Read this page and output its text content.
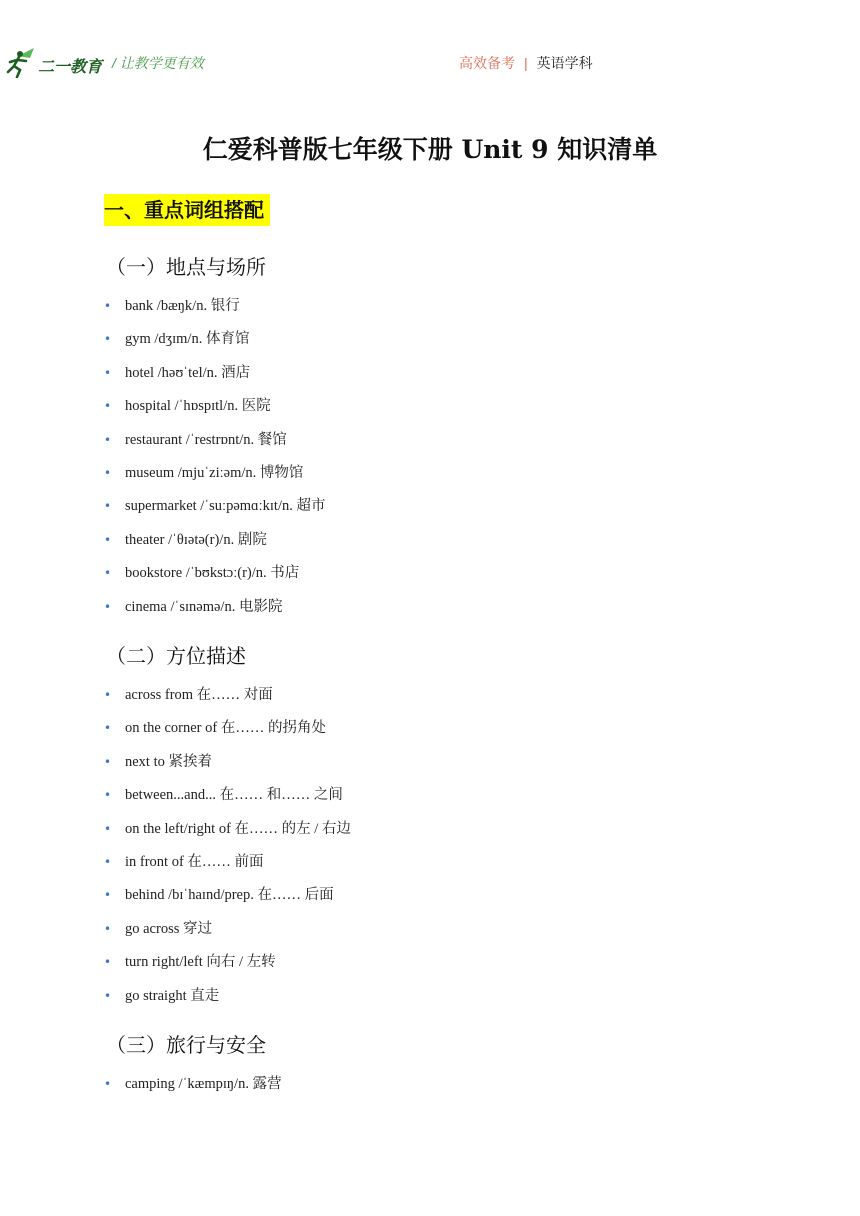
二一教育 / 让教学更有效	高效备考 | 英语学科
仁爱科普版七年级下册 Unit 9 知识清单
一、重点词组搭配
（一）地点与场所
• bank /bæŋk/n. 银行
• gym /dʒɪm/n. 体育馆
• hotel /həʊˈtel/n. 酒店
• hospital /ˈhɒspɪtl/n. 医院
• restaurant /ˈrestrɒnt/n. 餐馆
• museum /mjuˈziːəm/n. 博物馆
• supermarket /ˈsuːpəmɑːkɪt/n. 超市
• theater /ˈθɪətə(r)/n. 剧院
• bookstore /ˈbʊkstɔː(r)/n. 书店
• cinema /ˈsɪnəmə/n. 电影院
（二）方位描述
• across from 在…… 对面
• on the corner of 在…… 的拐角处
• next to 紧挨着
• between...and... 在…… 和…… 之间
• on the left/right of 在…… 的左 / 右边
• in front of 在…… 前面
• behind /bɪˈhaɪnd/prep. 在…… 后面
• go across 穿过
• turn right/left 向右 / 左转
• go straight 直走
（三）旅行与安全
• camping /ˈkæmpɪŋ/n. 露营
